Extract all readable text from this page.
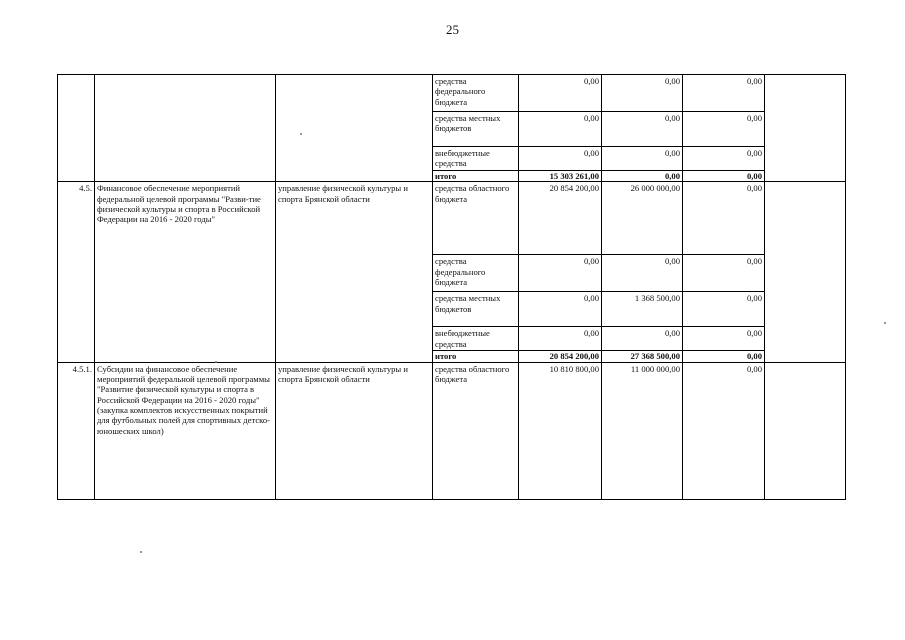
25
			средства федерального бюджета	0,00	0,00	0,00	
			средства местных бюджетов	0,00	0,00	0,00	
			внебюджетные средства	0,00	0,00	0,00	
			итого	15 303 261,00	0,00	0,00	
4.5.	Финансовое обеспечение мероприятий федеральной целевой программы "Разви-тие физической культуры и спорта в Российской Федерации на 2016 - 2020 годы"	управление физической культуры и спорта Брянской области	средства областного бюджета	20 854 200,00	26 000 000,00	0,00	
			средства федерального бюджета	0,00	0,00	0,00	
			средства местных бюджетов	0,00	1 368 500,00	0,00	
			внебюджетные средства	0,00	0,00	0,00	
			итого	20 854 200,00	27 368 500,00	0,00	
4.5.1.	Субсидии на финансовое обеспечение мероприятий федеральной целевой программы "Развитие физической культуры и спорта в Российской Федерации на 2016 - 2020 годы" (закупка комплектов искусственных покрытий для футбольных полей для спортивных детско-юношеских школ)	управление физической культуры и спорта Брянской области	средства областного бюджета	10 810 800,00	11 000 000,00	0,00	
